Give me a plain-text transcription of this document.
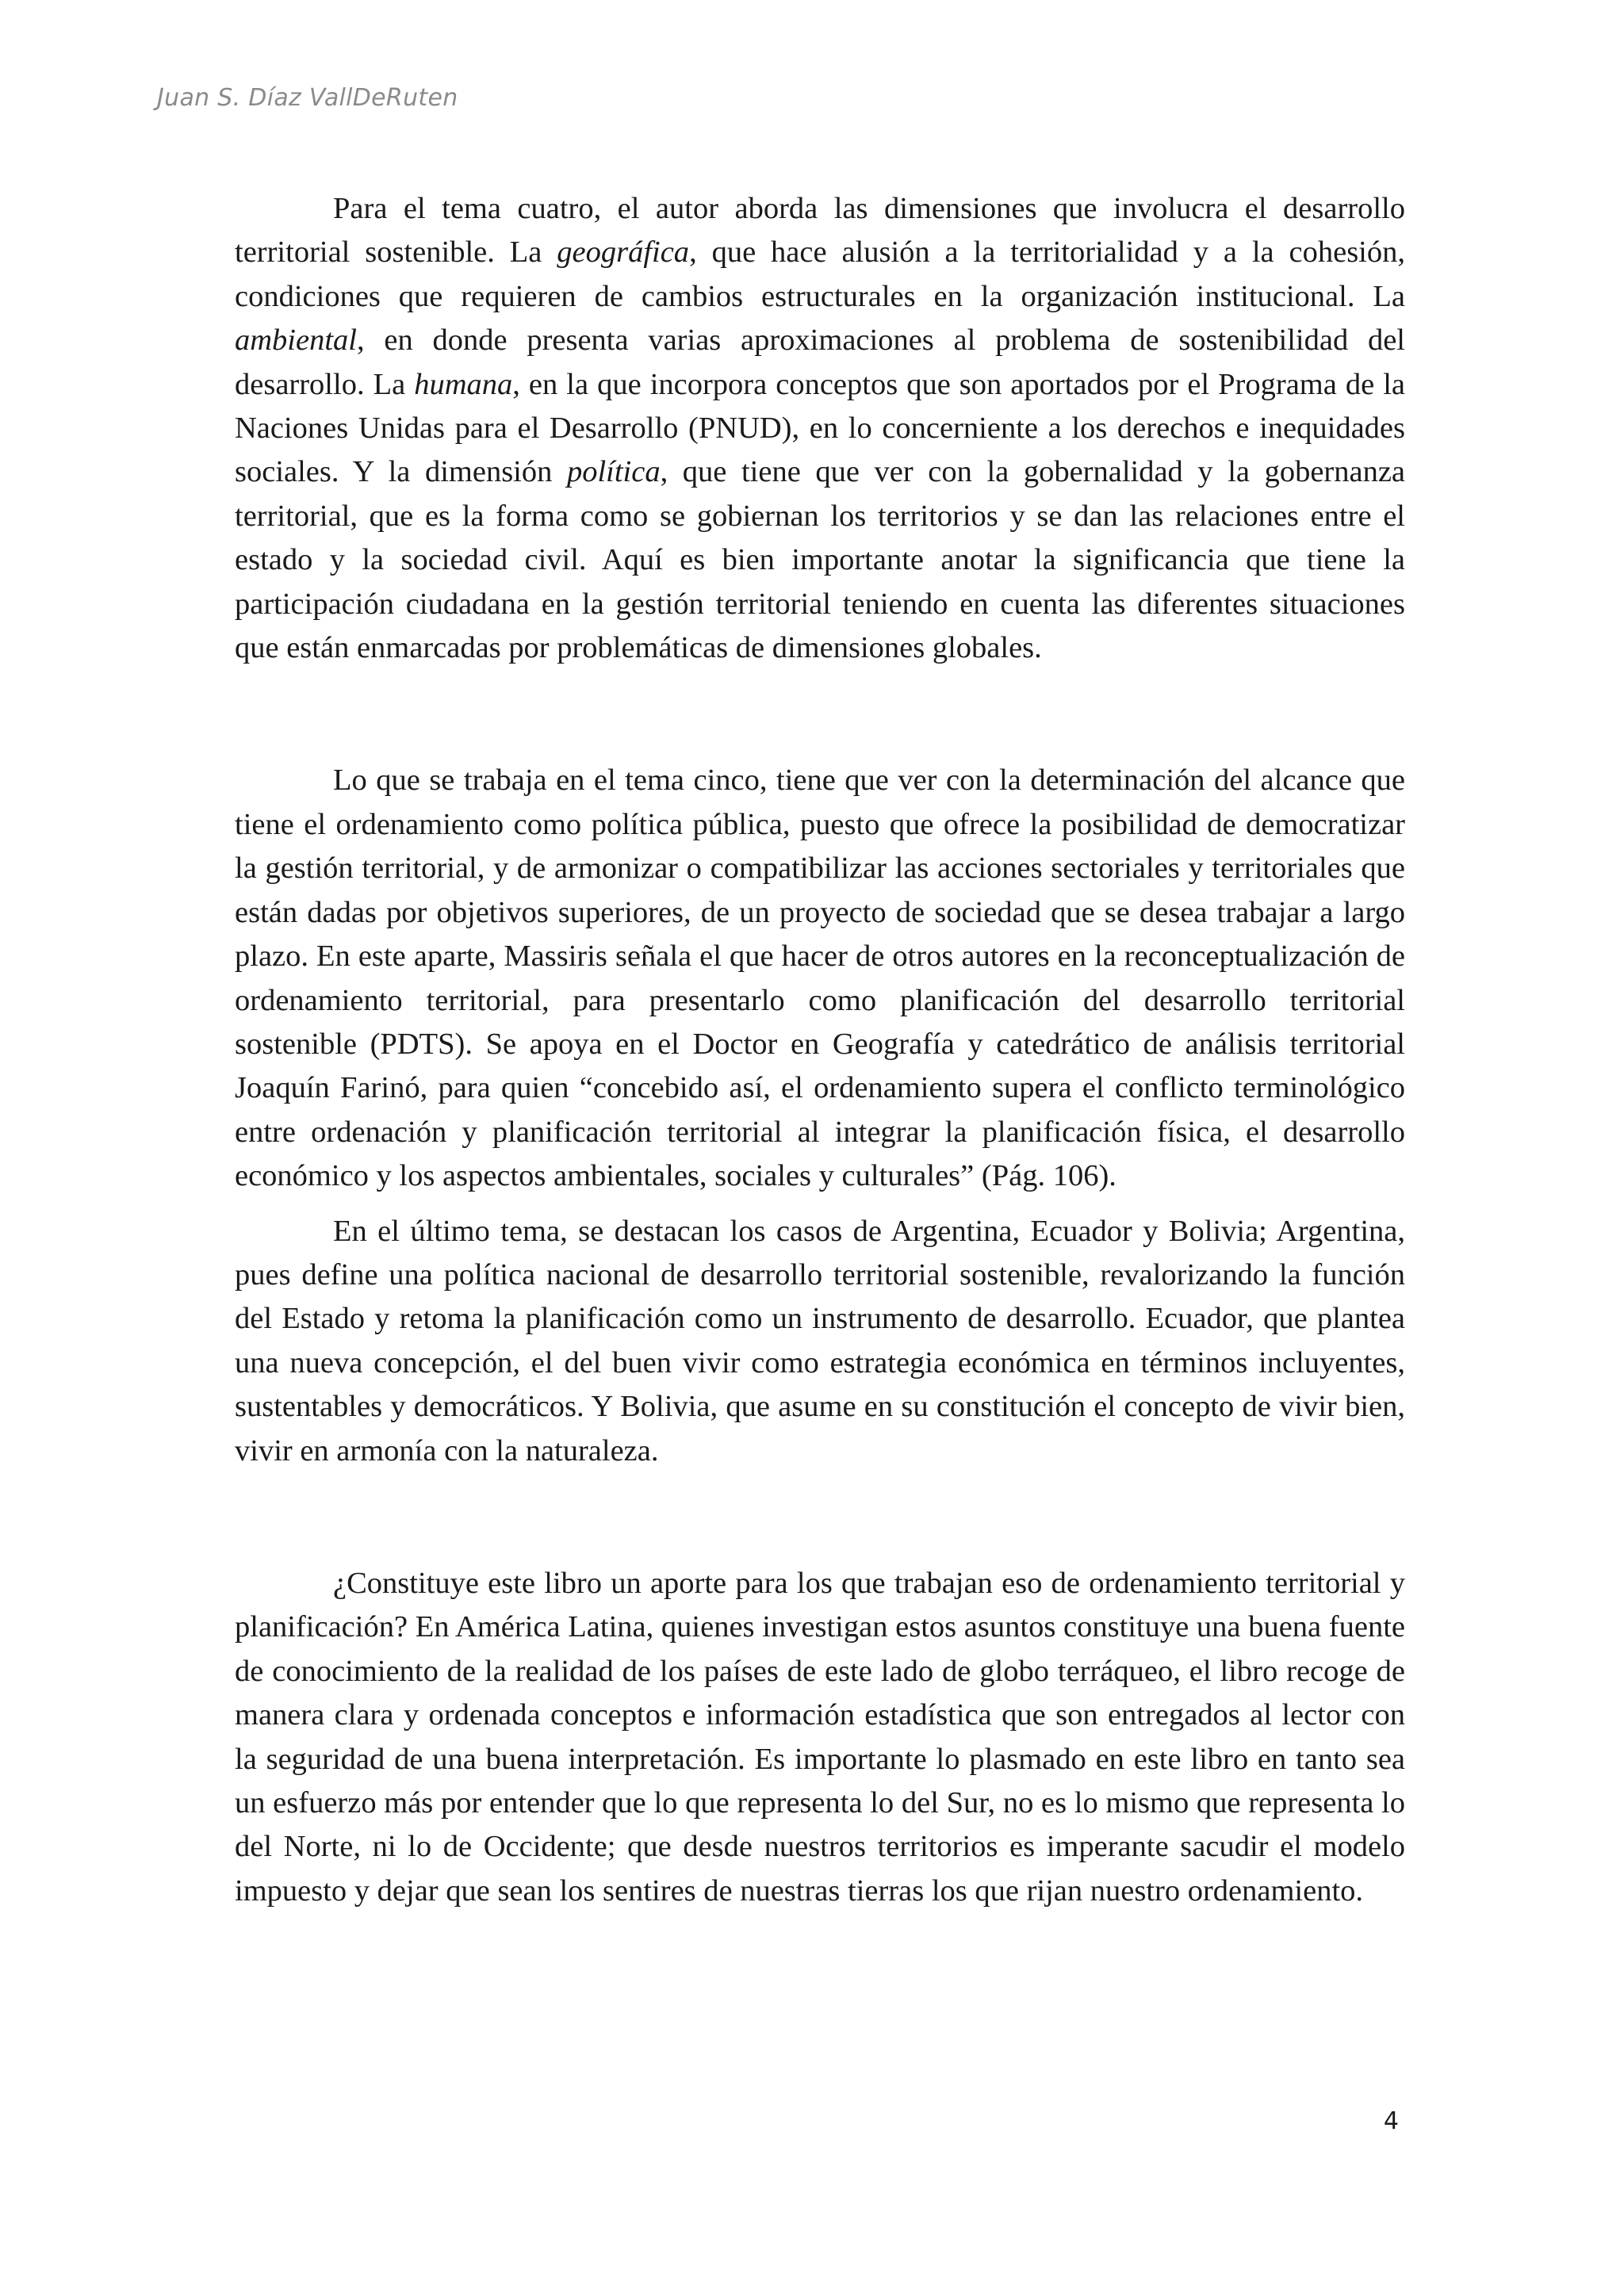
Juan S. Díaz VallDeRuten

Para el tema cuatro, el autor aborda las dimensiones que involucra el desarrollo territorial sostenible. La geográfica, que hace alusión a la territorialidad y a la cohesión, condiciones que requieren de cambios estructurales en la organización institucional. La ambiental, en donde presenta varias aproximaciones al problema de sostenibilidad del desarrollo. La humana, en la que incorpora conceptos que son aportados por el Programa de la Naciones Unidas para el Desarrollo (PNUD), en lo concerniente a los derechos e inequidades sociales. Y la dimensión política, que tiene que ver con la gobernalidad y la gobernanza territorial, que es la forma como se gobiernan los territorios y se dan las relaciones entre el estado y la sociedad civil. Aquí es bien importante anotar la significancia que tiene la participación ciudadana en la gestión territorial teniendo en cuenta las diferentes situaciones que están enmarcadas por problemáticas de dimensiones globales.

Lo que se trabaja en el tema cinco, tiene que ver con la determinación del alcance que tiene el ordenamiento como política pública, puesto que ofrece la posibilidad de democratizar la gestión territorial, y de armonizar o compatibilizar las acciones sectoriales y territoriales que están dadas por objetivos superiores, de un proyecto de sociedad que se desea trabajar a largo plazo. En este aparte, Massiris señala el que hacer de otros autores en la reconceptualización de ordenamiento territorial, para presentarlo como planificación del desarrollo territorial sostenible (PDTS). Se apoya en el Doctor en Geografía y catedrático de análisis territorial Joaquín Farinó, para quien “concebido así, el ordenamiento supera el conflicto terminológico entre ordenación y planificación territorial al integrar la planificación física, el desarrollo económico y los aspectos ambientales, sociales y culturales” (Pág. 106).

En el último tema, se destacan los casos de Argentina, Ecuador y Bolivia; Argentina, pues define una política nacional de desarrollo territorial sostenible, revalorizando la función del Estado y retoma la planificación como un instrumento de desarrollo. Ecuador, que plantea una nueva concepción, el del buen vivir como estrategia económica en términos incluyentes, sustentables y democráticos. Y Bolivia, que asume en su constitución el concepto de vivir bien, vivir en armonía con la naturaleza.

¿Constituye este libro un aporte para los que trabajan eso de ordenamiento territorial y planificación? En América Latina, quienes investigan estos asuntos constituye una buena fuente de conocimiento de la realidad de los países de este lado de globo terráqueo, el libro recoge de manera clara y ordenada conceptos e información estadística que son entregados al lector con la seguridad de una buena interpretación. Es importante lo plasmado en este libro en tanto sea un esfuerzo más por entender que lo que representa lo del Sur, no es lo mismo que representa lo del Norte, ni lo de Occidente; que desde nuestros territorios es imperante sacudir el modelo impuesto y dejar que sean los sentires de nuestras tierras los que rijan nuestro ordenamiento.

4
